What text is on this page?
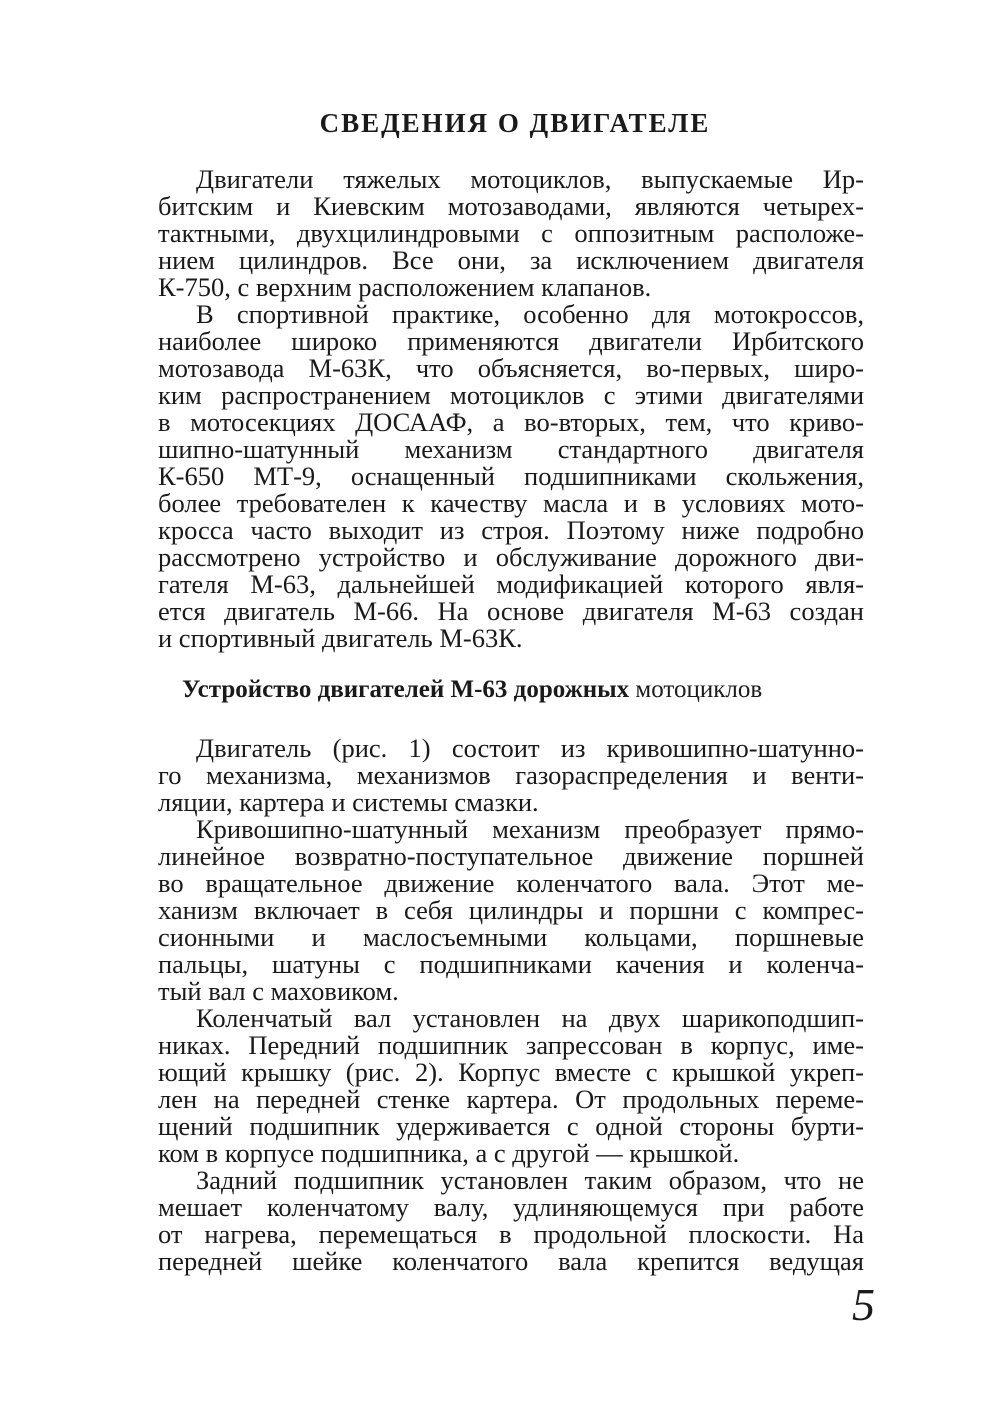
СВЕДЕНИЯ О ДВИГАТЕЛЕ
Двигатели тяжелых мотоциклов, выпускаемые Ир-
битским и Киевским мотозаводами, являются четырех-
тактными, двухцилиндровыми с оппозитным расположе-
нием цилиндров. Все они, за исключением двигателя
К-750, с верхним расположением клапанов.
В спортивной практике, особенно для мотокроссов,
наиболее широко применяются двигатели Ирбитского
мотозавода М-63К, что объясняется, во-первых, широ-
ким распространением мотоциклов с этими двигателями
в мотосекциях ДОСААФ, а во-вторых, тем, что криво-
шипно-шатунный механизм стандартного двигателя
К-650 МТ-9, оснащенный подшипниками скольжения,
более требователен к качеству масла и в условиях мото-
кросса часто выходит из строя. Поэтому ниже подробно
рассмотрено устройство и обслуживание дорожного дви-
гателя М-63, дальнейшей модификацией которого явля-
ется двигатель М-66. На основе двигателя М-63 создан
и спортивный двигатель М-63К.
Устройство двигателей М-63 дорожных мотоциклов
Двигатель (рис. 1) состоит из кривошипно-шатунно-
го механизма, механизмов газораспределения и венти-
ляции, картера и системы смазки.
Кривошипно-шатунный механизм преобразует прямо-
линейное возвратно-поступательное движение поршней
во вращательное движение коленчатого вала. Этот ме-
ханизм включает в себя цилиндры и поршни с компрес-
сионными и маслосъемными кольцами, поршневые
пальцы, шатуны с подшипниками качения и коленча-
тый вал с маховиком.
Коленчатый вал установлен на двух шарикоподшип-
никах. Передний подшипник запрессован в корпус, име-
ющий крышку (рис. 2). Корпус вместе с крышкой укреп-
лен на передней стенке картера. От продольных переме-
щений подшипник удерживается с одной стороны бурти-
ком в корпусе подшипника, а с другой — крышкой.
Задний подшипник установлен таким образом, что не
мешает коленчатому валу, удлиняющемуся при работе
от нагрева, перемещаться в продольной плоскости. На
передней шейке коленчатого вала крепится ведущая
5
